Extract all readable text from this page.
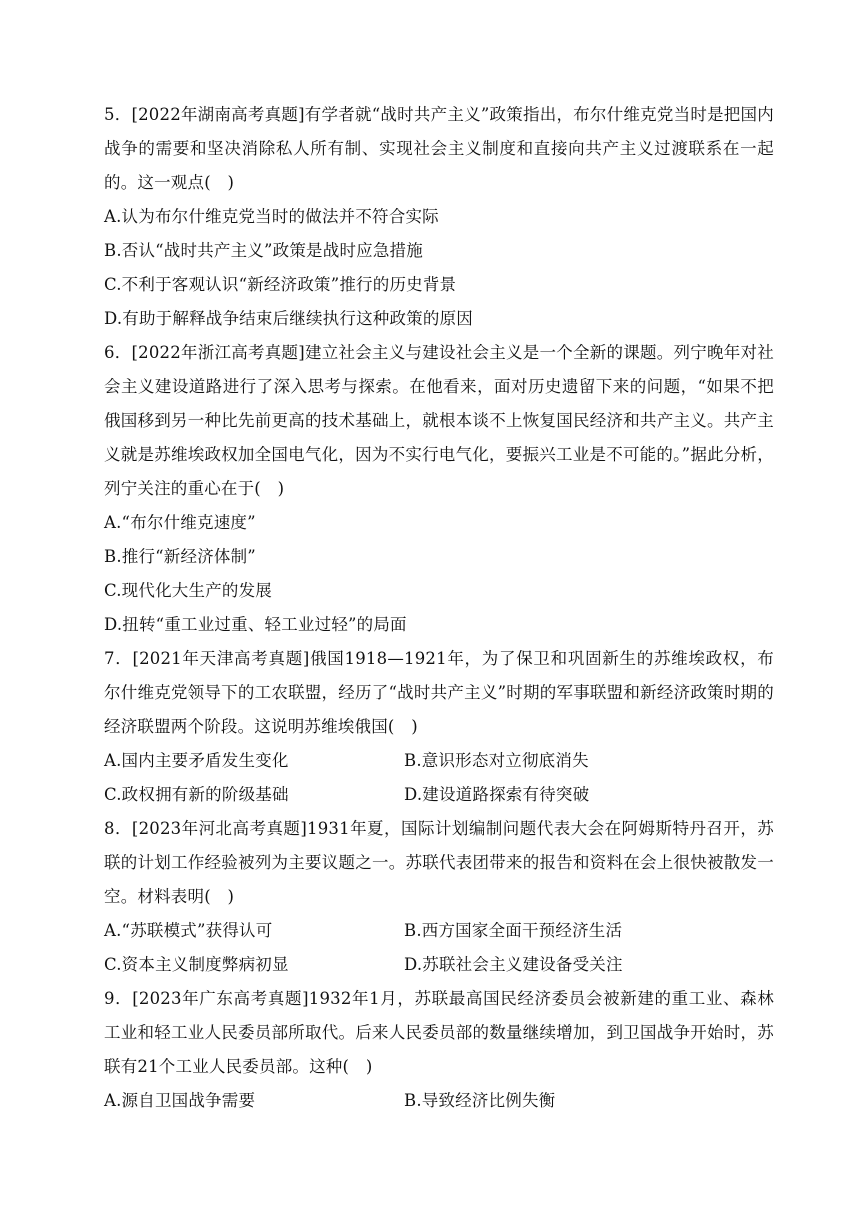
5．[2022年湖南高考真题]有学者就“战时共产主义”政策指出，布尔什维克党当时是把国内战争的需要和坚决消除私人所有制、实现社会主义制度和直接向共产主义过渡联系在一起的。这一观点(　)
A.认为布尔什维克党当时的做法并不符合实际
B.否认“战时共产主义”政策是战时应急措施
C.不利于客观认识“新经济政策”推行的历史背景
D.有助于解释战争结束后继续执行这种政策的原因
6．[2022年浙江高考真题]建立社会主义与建设社会主义是一个全新的课题。列宁晚年对社会主义建设道路进行了深入思考与探索。在他看来，面对历史遗留下来的问题，“如果不把俄国移到另一种比先前更高的技术基础上，就根本谈不上恢复国民经济和共产主义。共产主义就是苏维埃政权加全国电气化，因为不实行电气化，要振兴工业是不可能的。”据此分析，列宁关注的重心在于(　)
A.“布尔什维克速度”
B.推行“新经济体制”
C.现代化大生产的发展
D.扭转“重工业过重、轻工业过轻”的局面
7．[2021年天津高考真题]俄国1918—1921年，为了保卫和巩固新生的苏维埃政权，布尔什维克党领导下的工农联盟，经历了“战时共产主义”时期的军事联盟和新经济政策时期的经济联盟两个阶段。这说明苏维埃俄国(　)
A.国内主要矛盾发生变化	B.意识形态对立彻底消失
C.政权拥有新的阶级基础	D.建设道路探索有待突破
8．[2023年河北高考真题]1931年夏，国际计划编制问题代表大会在阿姆斯特丹召开，苏联的计划工作经验被列为主要议题之一。苏联代表团带来的报告和资料在会上很快被散发一空。材料表明(　)
A.“苏联模式”获得认可	B.西方国家全面干预经济生活
C.资本主义制度弊病初显	D.苏联社会主义建设备受关注
9．[2023年广东高考真题]1932年1月，苏联最高国民经济委员会被新建的重工业、森林工业和轻工业人民委员部所取代。后来人民委员部的数量继续增加，到卫国战争开始时，苏联有21个工业人民委员部。这种(　)
A.源自卫国战争需要	B.导致经济比例失衡
